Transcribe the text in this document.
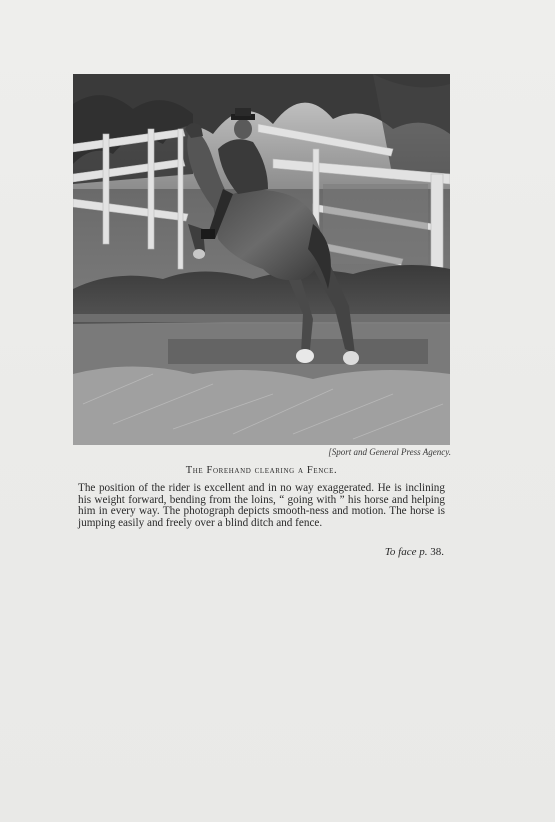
[Sport and General Press Agency.
The Forehand clearing a Fence.

The position of the rider is excellent and in no way exaggerated. He is inclining his weight forward, bending from the loins, “ going with ” his horse and helping him in every way. The photograph depicts smooth-ness and motion. The horse is jumping easily and freely over a blind ditch and fence.

To face p. 38.
